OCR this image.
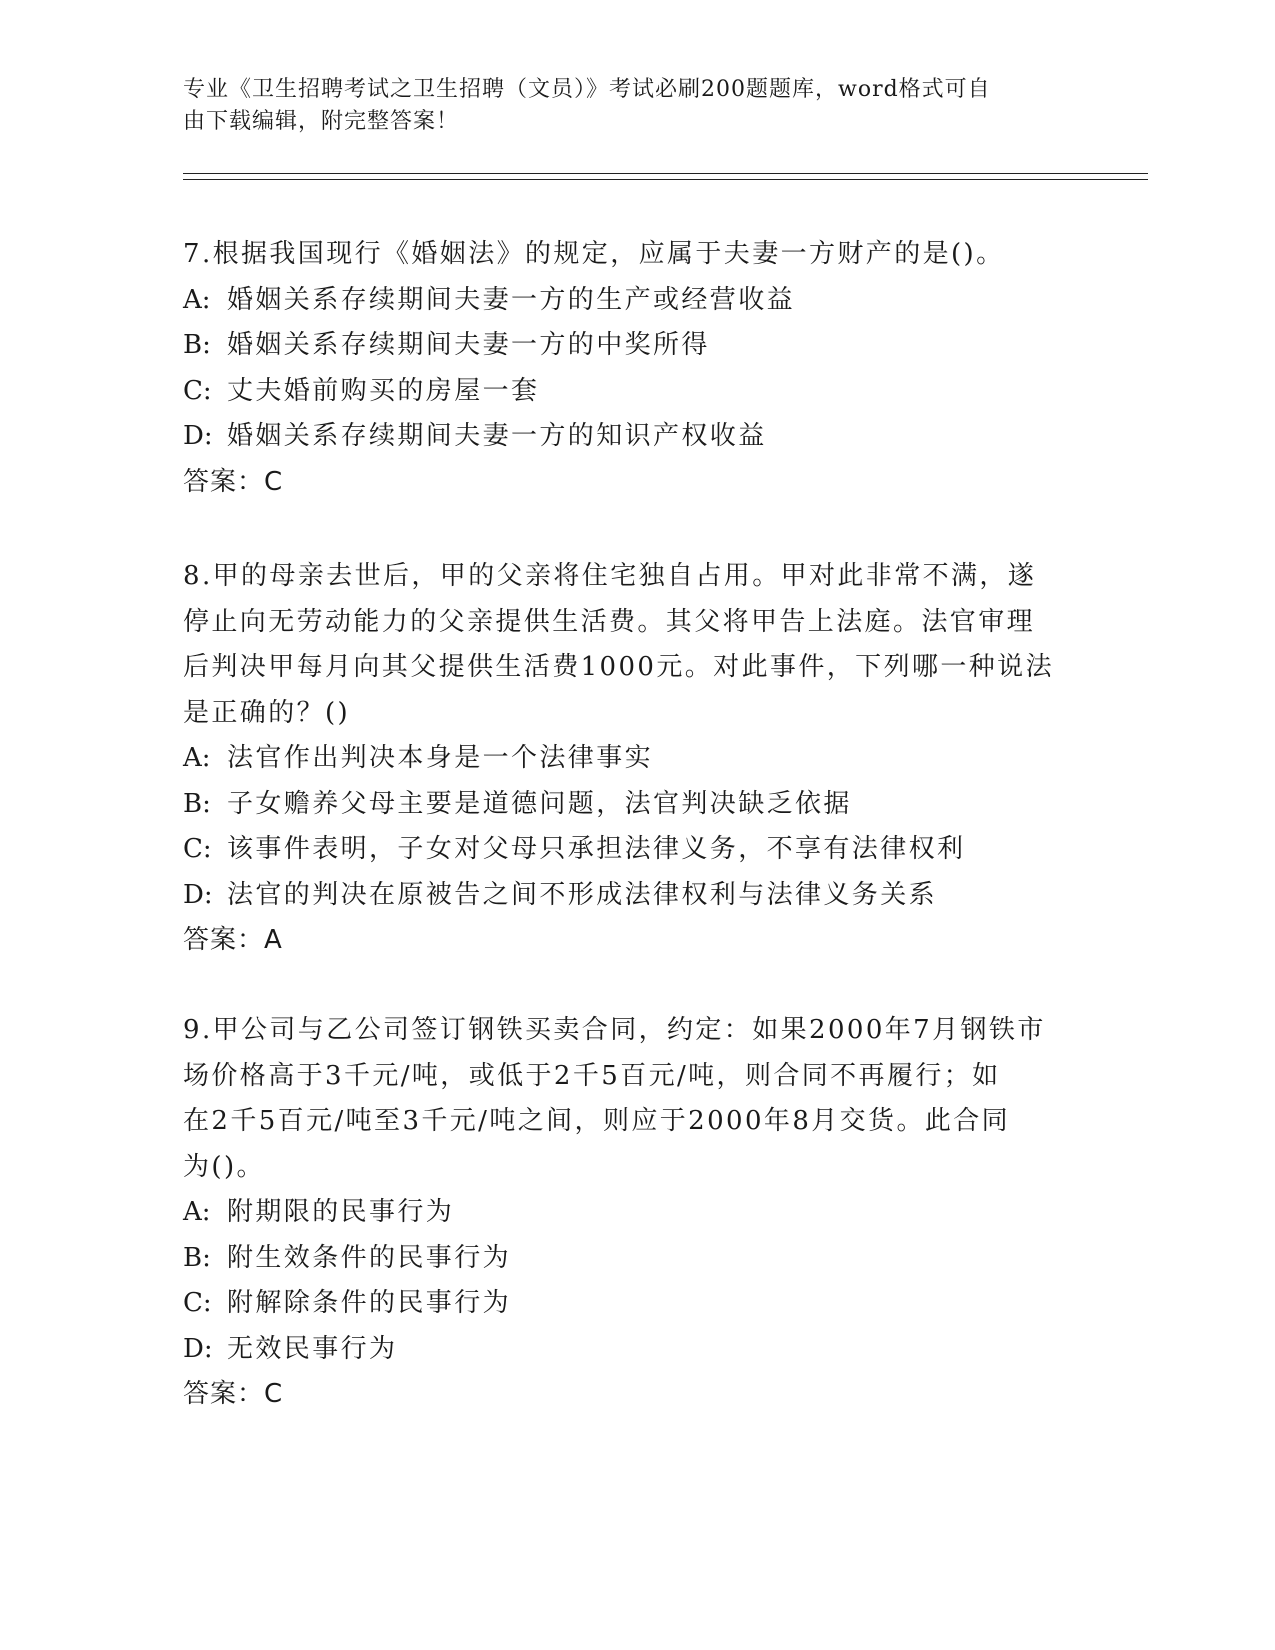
专业《卫生招聘考试之卫生招聘（文员）》考试必刷200题题库，word格式可自
由下载编辑，附完整答案！
7.根据我国现行《婚姻法》的规定，应属于夫妻一方财产的是()。
A: 婚姻关系存续期间夫妻一方的生产或经营收益
B: 婚姻关系存续期间夫妻一方的中奖所得
C: 丈夫婚前购买的房屋一套
D: 婚姻关系存续期间夫妻一方的知识产权收益
答案：C
8.甲的母亲去世后，甲的父亲将住宅独自占用。甲对此非常不满，遂
停止向无劳动能力的父亲提供生活费。其父将甲告上法庭。法官审理
后判决甲每月向其父提供生活费1000元。对此事件，下列哪一种说法
是正确的？()
A: 法官作出判决本身是一个法律事实
B: 子女赡养父母主要是道德问题，法官判决缺乏依据
C: 该事件表明，子女对父母只承担法律义务，不享有法律权利
D: 法官的判决在原被告之间不形成法律权利与法律义务关系
答案：A
9.甲公司与乙公司签订钢铁买卖合同，约定：如果2000年7月钢铁市
场价格高于3千元/吨，或低于2千5百元/吨，则合同不再履行；如
在2千5百元/吨至3千元/吨之间，则应于2000年8月交货。此合同
为()。
A: 附期限的民事行为
B: 附生效条件的民事行为
C: 附解除条件的民事行为
D: 无效民事行为
答案：C
